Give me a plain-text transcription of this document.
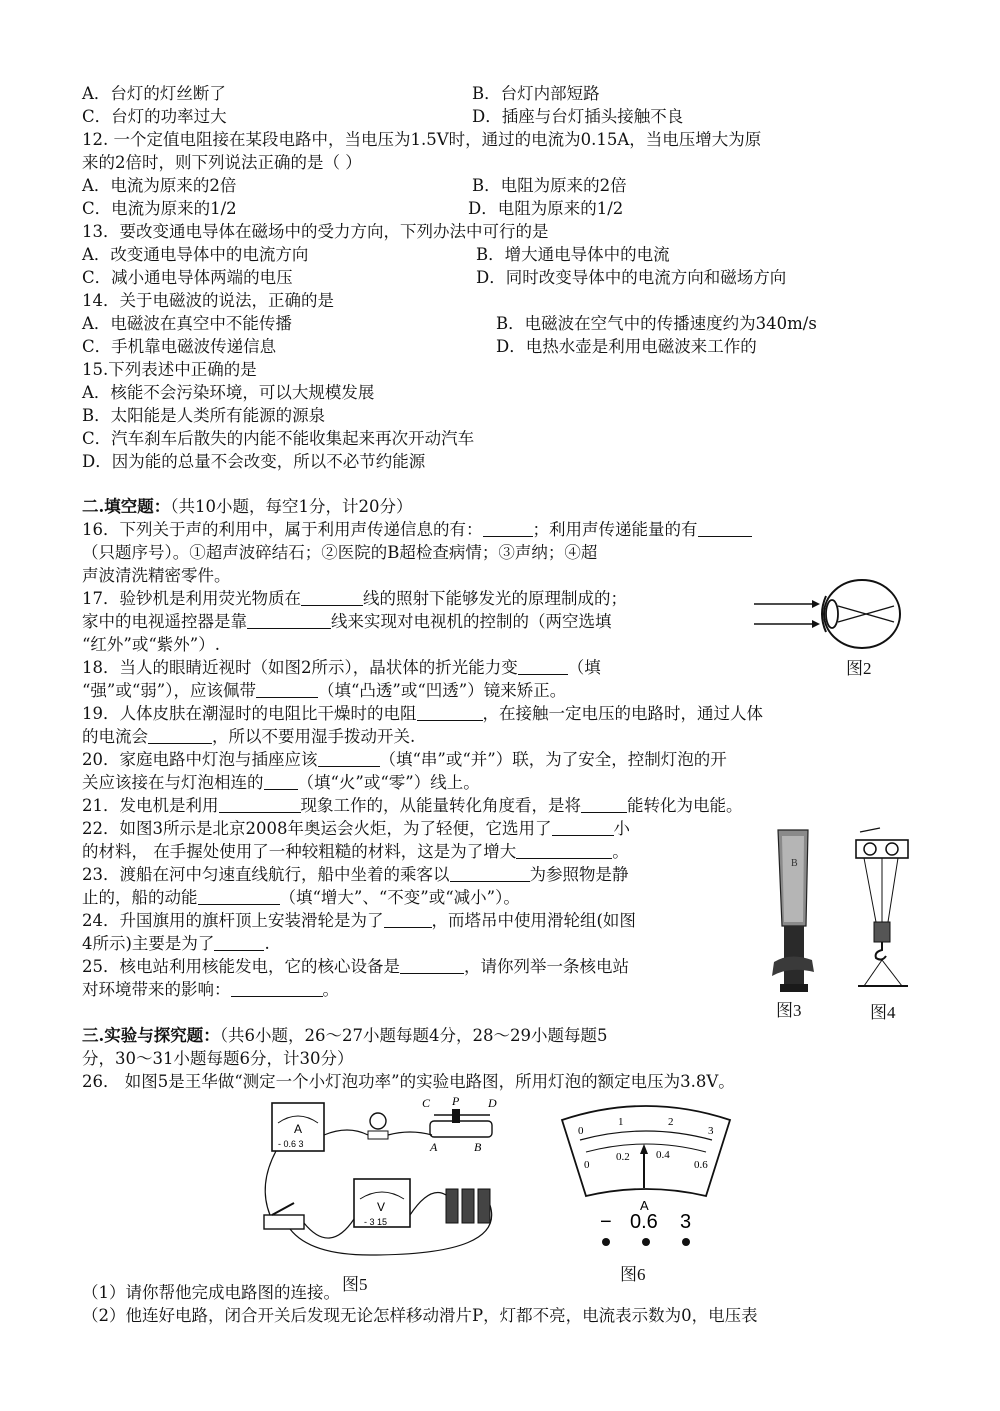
A．台灯的灯丝断了	B．台灯内部短路
C．台灯的功率过大	D．插座与台灯插头接触不良
12. 一个定值电阻接在某段电路中，当电压为1.5V时，通过的电流为0.15A，当电压增大为原
来的2倍时，则下列说法正确的是（ ）
A．电流为原来的2倍	B．电阻为原来的2倍
C．电流为原来的1/2	D．电阻为原来的1/2
13．要改变通电导体在磁场中的受力方向，下列办法中可行的是
A．改变通电导体中的电流方向	B．增大通电导体中的电流
C．减小通电导体两端的电压	D．同时改变导体中的电流方向和磁场方向
14．关于电磁波的说法，正确的是
A．电磁波在真空中不能传播	B．电磁波在空气中的传播速度约为340m/s
C．手机靠电磁波传递信息	D．电热水壶是利用电磁波来工作的
15.下列表述中正确的是
A．核能不会污染环境，可以大规模发展
B．太阳能是人类所有能源的源泉
C．汽车刹车后散失的内能不能收集起来再次开动汽车
D．因为能的总量不会改变，所以不必节约能源
二.填空题：（共10小题，每空1分，计20分）
16．下列关于声的利用中，属于利用声传递信息的有：	；利用声传递能量的有
（只题序号）。①超声波碎结石；②医院的B超检查病情；③声纳；④超
声波清洗精密零件。
17．验钞机是利用荧光物质在	线的照射下能够发光的原理制成的；
家中的电视遥控器是靠	线来实现对电视机的控制的（两空选填
“红外”或“紫外”）.
图2
18．当人的眼睛近视时（如图2所示），晶状体的折光能力变	（填
“强”或“弱”），应该佩带	（填“凸透”或“凹透”）镜来矫正。
19．人体皮肤在潮湿时的电阻比干燥时的电阻	，在接触一定电压的电路时，通过人体
的电流会	，所以不要用湿手拨动开关.
20．家庭电路中灯泡与插座应该	（填“串”或“并”）联，为了安全，控制灯泡的开
关应该接在与灯泡相连的 （填“火”或“零”）线上。
21．发电机是利用	现象工作的，从能量转化角度看，是将	能转化为电能。
22．如图3所示是北京2008年奥运会火炬，为了轻便，它选用了	小
的材料， 在手握处使用了一种较粗糙的材料，这是为了增大	。
23．渡船在河中匀速直线航行，船中坐着的乘客以	为参照物是静
止的，船的动能	（填“增大”、“不变”或“减小”）。
24．升国旗用的旗杆顶上安装滑轮是为了	，而塔吊中使用滑轮组(如图
4所示)主要是为了	.
25．核电站利用核能发电，它的核心设备是	，请你列举一条核电站
对环境带来的影响：	。
B
图3	图4
三.实验与探究题：（共6小题，26～27小题每题4分，28～29小题每题5
分，30～31小题每题6分，计30分）
26． 如图5是王华做“测定一个小灯泡功率”的实验电路图，所用灯泡的额定电压为3.8V。
A
- 0.6 3
C P D
A	B
V
- 3 15
图5
0
1	2
3
0
0.2 0.4
0.6
A
− 0.6 3
图6
（1）请你帮他完成电路图的连接。
（2）他连好电路，闭合开关后发现无论怎样移动滑片P，灯都不亮，电流表示数为0，电压表
